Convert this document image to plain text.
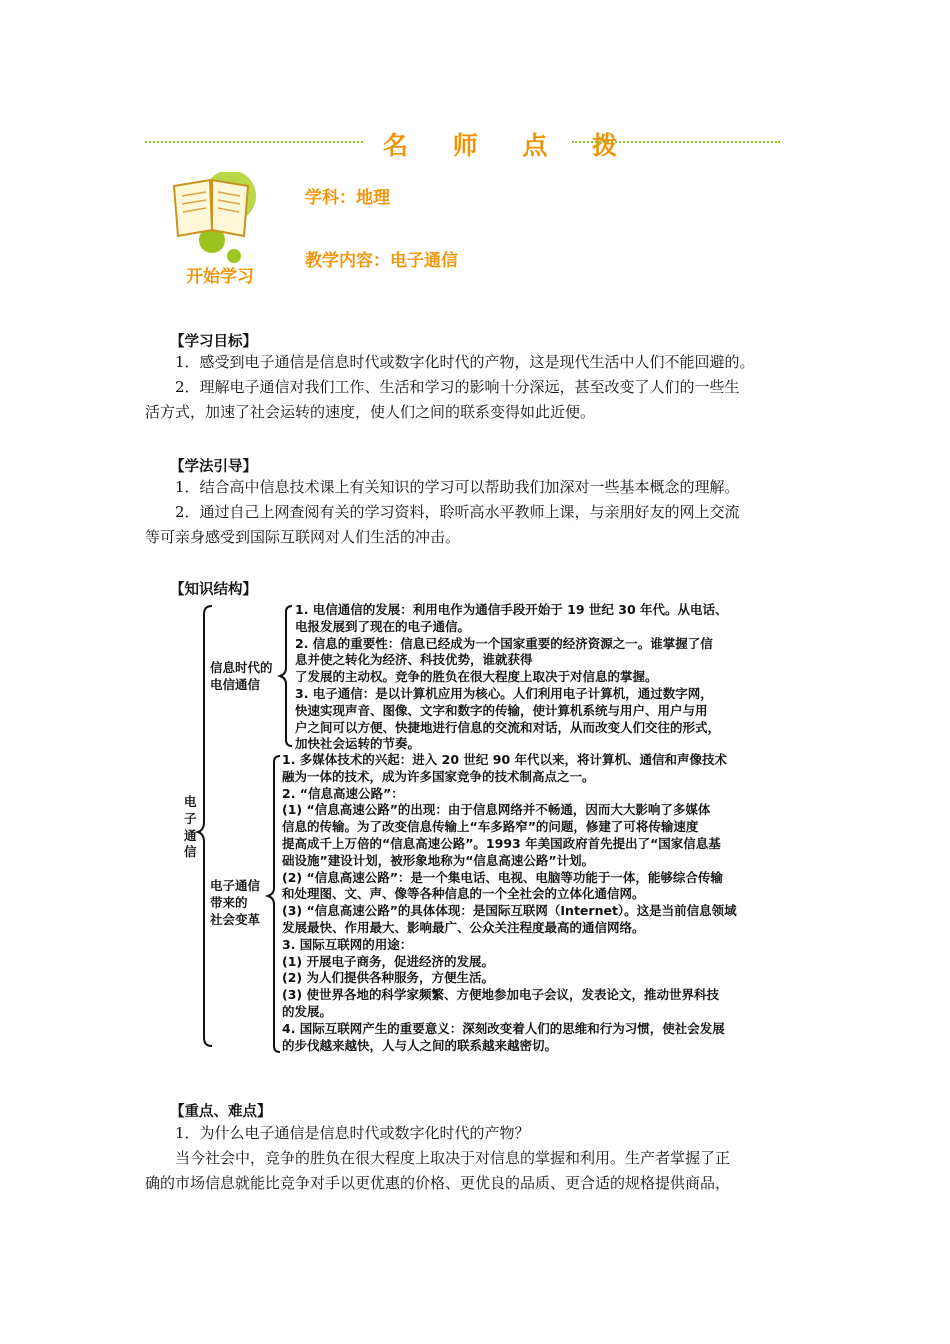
名 师 点 拨
开始学习
学科：地理
教学内容：电子通信
【学习目标】
1．感受到电子通信是信息时代或数字化时代的产物，这是现代生活中人们不能回避的。
2．理解电子通信对我们工作、生活和学习的影响十分深远，甚至改变了人们的一些生
活方式，加速了社会运转的速度，使人们之间的联系变得如此近便。
【学法引导】
1．结合高中信息技术课上有关知识的学习可以帮助我们加深对一些基本概念的理解。
2．通过自己上网查阅有关的学习资料，聆听高水平教师上课，与亲朋好友的网上交流
等可亲身感受到国际互联网对人们生活的冲击。
【知识结构】
电
子
通
信
信息时代的
电信通信
电子通信
带来的
社会变革
1. 电信通信的发展：利用电作为通信手段开始于 19 世纪 30 年代。从电话、
电报发展到了现在的电子通信。
2. 信息的重要性：信息已经成为一个国家重要的经济资源之一。谁掌握了信
息并使之转化为经济、科技优势，谁就获得
了发展的主动权。竞争的胜负在很大程度上取决于对信息的掌握。
3. 电子通信：是以计算机应用为核心。人们利用电子计算机，通过数字网，
快速实现声音、图像、文字和数字的传输，使计算机系统与用户、用户与用
户之间可以方便、快捷地进行信息的交流和对话，从而改变人们交往的形式，
加快社会运转的节奏。
1. 多媒体技术的兴起：进入 20 世纪 90 年代以来，将计算机、通信和声像技术
融为一体的技术，成为许多国家竞争的技术制高点之一。
2. “信息高速公路”：
(1) “信息高速公路”的出现：由于信息网络并不畅通，因而大大影响了多媒体
信息的传输。为了改变信息传输上“车多路窄”的问题，修建了可将传输速度
提高成千上万倍的“信息高速公路”。1993 年美国政府首先提出了“国家信息基
础设施”建设计划，被形象地称为“信息高速公路”计划。
(2) “信息高速公路”：是一个集电话、电视、电脑等功能于一体，能够综合传输
和处理图、文、声、像等各种信息的一个全社会的立体化通信网。
(3) “信息高速公路”的具体体现：是国际互联网（Internet）。这是当前信息领域
发展最快、作用最大、影响最广、公众关注程度最高的通信网络。
3. 国际互联网的用途：
(1) 开展电子商务，促进经济的发展。
(2) 为人们提供各种服务，方便生活。
(3) 使世界各地的科学家频繁、方便地参加电子会议，发表论文，推动世界科技
的发展。
4. 国际互联网产生的重要意义：深刻改变着人们的思维和行为习惯，使社会发展
的步伐越来越快，人与人之间的联系越来越密切。
【重点、难点】
1．为什么电子通信是信息时代或数字化时代的产物？
当今社会中，竞争的胜负在很大程度上取决于对信息的掌握和利用。生产者掌握了正
确的市场信息就能比竞争对手以更优惠的价格、更优良的品质、更合适的规格提供商品，
